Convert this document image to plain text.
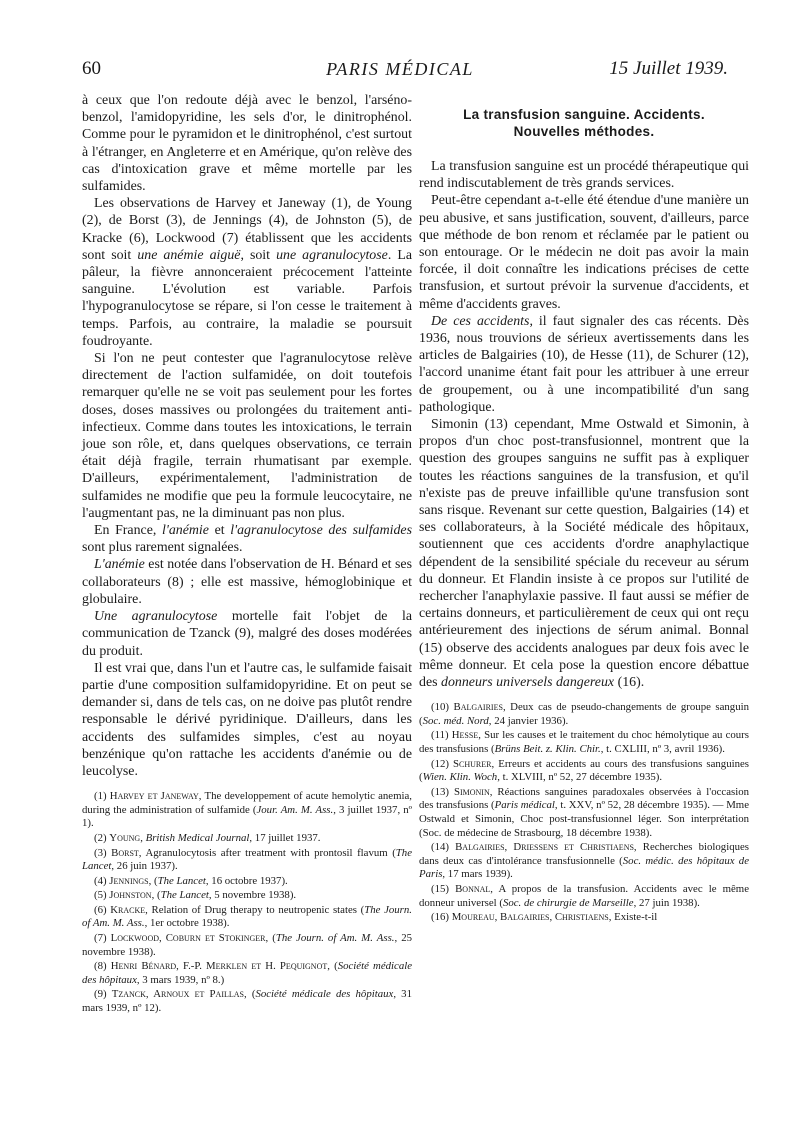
60	PARIS MÉDICAL	15 Juillet 1939.

à ceux que l'on redoute déjà avec le benzol, l'arséno-benzol, l'amidopyridine, les sels d'or, le dinitrophénol. Comme pour le pyramidon et le dinitrophénol, c'est surtout à l'étranger, en Angleterre et en Amérique, qu'on relève des cas d'intoxication grave et même mortelle par les sulfamides.

Les observations de Harvey et Janeway (1), de Young (2), de Borst (3), de Jennings (4), de Johnston (5), de Kracke (6), Lockwood (7) établissent que les accidents sont soit une anémie aiguë, soit une agranulocytose. La pâleur, la fièvre annonceraient précocement l'atteinte sanguine. L'évolution est variable. Parfois l'hypogranulocytose se répare, si l'on cesse le traitement à temps. Parfois, au contraire, la maladie se poursuit foudroyante.

Si l'on ne peut contester que l'agranulocytose relève directement de l'action sulfamidée, on doit toutefois remarquer qu'elle ne se voit pas seulement pour les fortes doses, doses massives ou prolongées du traitement anti-infectieux. Comme dans toutes les intoxications, le terrain joue son rôle, et, dans quelques observations, ce terrain était déjà fragile, terrain rhumatisant par exemple. D'ailleurs, expérimentalement, l'administration de sulfamides ne modifie que peu la formule leucocytaire, ne l'augmentant pas, ne la diminuant pas non plus.

En France, l'anémie et l'agranulocytose des sulfamides sont plus rarement signalées.

L'anémie est notée dans l'observation de H. Bénard et ses collaborateurs (8) ; elle est massive, hémoglobinique et globulaire.

Une agranulocytose mortelle fait l'objet de la communication de Tzanck (9), malgré des doses modérées du produit.

Il est vrai que, dans l'un et l'autre cas, le sulfamide faisait partie d'une composition sulfamidopyridine. Et on peut se demander si, dans de tels cas, on ne doive pas plutôt rendre responsable le dérivé pyridinique. D'ailleurs, dans les accidents des sulfamides simples, c'est au noyau benzénique qu'on rattache les accidents d'anémie ou de leucolyse.

(1) Harvey et Janeway, The developpement of acute hemolytic anemia, during the administration of sulfamide (Jour. Am. M. Ass., 3 juillet 1937, nº 1).

(2) Young, British Medical Journal, 17 juillet 1937.

(3) Borst, Agranulocytosis after treatment with prontosil flavum (The Lancet, 26 juin 1937).

(4) Jennings, (The Lancet, 16 octobre 1937).

(5) Johnston, (The Lancet, 5 novembre 1938).

(6) Kracke, Relation of Drug therapy to neutropenic states (The Journ. of Am. M. Ass., 1er octobre 1938).

(7) Lockwood, Coburn et Stokinger, (The Journ. of Am. M. Ass., 25 novembre 1938).

(8) Henri Bénard, F.-P. Merklen et H. Pequignot, (Société médicale des hôpitaux, 3 mars 1939, nº 8.)

(9) Tzanck, Arnoux et Paillas, (Société médicale des hôpitaux, 31 mars 1939, nº 12).

La transfusion sanguine. Accidents.
Nouvelles méthodes.

La transfusion sanguine est un procédé thérapeutique qui rend indiscutablement de très grands services.

Peut-être cependant a-t-elle été étendue d'une manière un peu abusive, et sans justification, souvent, d'ailleurs, parce que méthode de bon renom et réclamée par le patient ou son entourage. Or le médecin ne doit pas avoir la main forcée, il doit connaître les indications précises de cette transfusion, et surtout prévoir la survenue d'accidents, et même d'accidents graves.

De ces accidents, il faut signaler des cas récents. Dès 1936, nous trouvions de sérieux avertissements dans les articles de Balgairies (10), de Hesse (11), de Schurer (12), l'accord unanime étant fait pour les attribuer à une erreur de groupement, ou à une incompatibilité d'un sang pathologique.

Simonin (13) cependant, Mme Ostwald et Simonin, à propos d'un choc post-transfusionnel, montrent que la question des groupes sanguins ne suffit pas à expliquer toutes les réactions sanguines de la transfusion, et qu'il n'existe pas de preuve infaillible qu'une transfusion sont sans risque. Revenant sur cette question, Balgairies (14) et ses collaborateurs, à la Société médicale des hôpitaux, soutiennent que ces accidents d'ordre anaphylactique dépendent de la sensibilité spéciale du receveur au sérum du donneur. Et Flandin insiste à ce propos sur l'utilité de rechercher l'anaphylaxie passive. Il faut aussi se méfier de certains donneurs, et particulièrement de ceux qui ont reçu antérieurement des injections de sérum animal. Bonnal (15) observe des accidents analogues par deux fois avec le même donneur. Et cela pose la question encore débattue des donneurs universels dangereux (16).

(10) Balgairies, Deux cas de pseudo-changements de groupe sanguin (Soc. méd. Nord, 24 janvier 1936).

(11) Hesse, Sur les causes et le traitement du choc hémolytique au cours des transfusions (Brüns Beit. z. Klin. Chir., t. CXLIII, nº 3, avril 1936).

(12) Schurer, Erreurs et accidents au cours des transfusions sanguines (Wien. Klin. Woch, t. XLVIII, nº 52, 27 décembre 1935).

(13) Simonin, Réactions sanguines paradoxales observées à l'occasion des transfusions (Paris médical, t. XXV, nº 52, 28 décembre 1935). — Mme Ostwald et Simonin, Choc post-transfusionnel léger. Son interprétation (Soc. de médecine de Strasbourg, 18 décembre 1938).

(14) Balgairies, Driessens et Christiaens, Recherches biologiques dans deux cas d'intolérance transfusionnelle (Soc. médic. des hôpitaux de Paris, 17 mars 1939).

(15) Bonnal, A propos de la transfusion. Accidents avec le même donneur universel (Soc. de chirurgie de Marseille, 27 juin 1938).

(16) Moureau, Balgairies, Christiaens, Existe-t-il
